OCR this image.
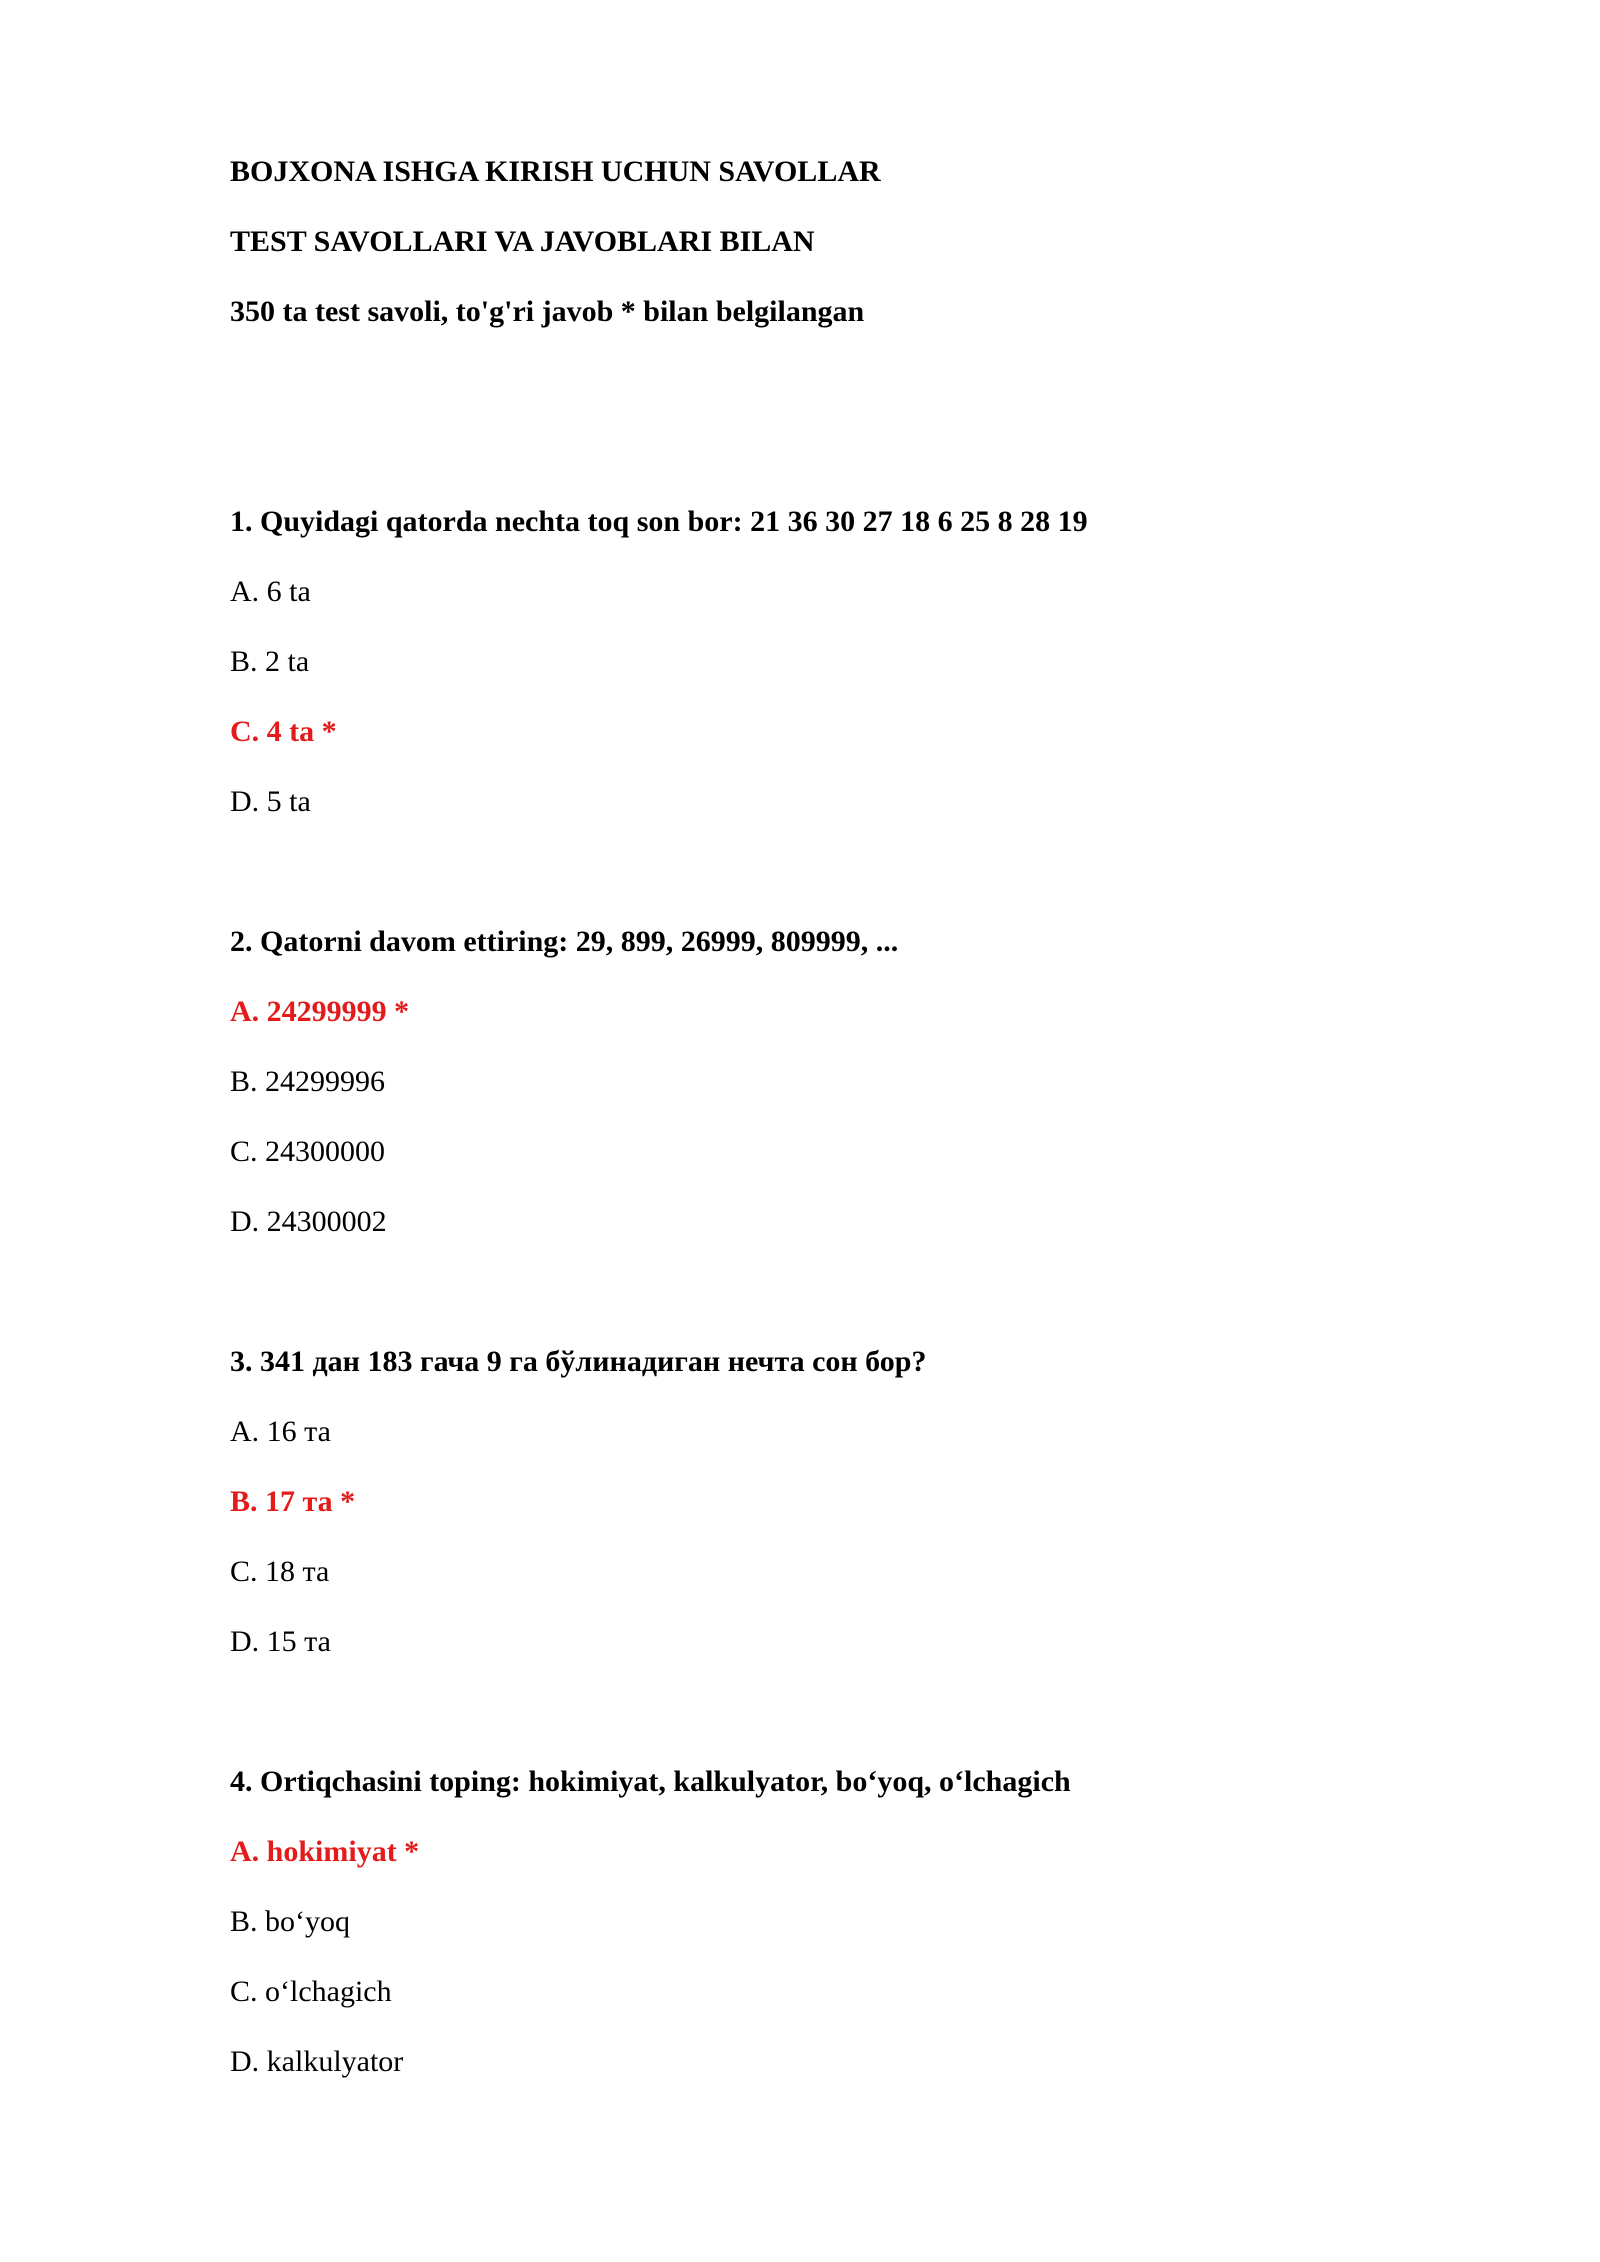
BOJXONA ISHGA KIRISH UCHUN SAVOLLAR
TEST SAVOLLARI VA JAVOBLARI BILAN
350 ta test savoli, to'g'ri javob * bilan belgilangan
1. Quyidagi qatorda nechta toq son bor: 21 36 30 27 18 6 25 8 28 19
A. 6 ta
B. 2 ta
C. 4 ta *
D. 5 ta
2. Qatorni davom ettiring: 29, 899, 26999, 809999, ...
A. 24299999 *
B. 24299996
C. 24300000
D. 24300002
3. 341 дан 183 гача 9 га бўлинадиган нечта сон бор?
A. 16 та
B. 17 та *
C. 18 та
D. 15 та
4. Ortiqchasini toping: hokimiyat, kalkulyator, bo‘yoq, o‘lchagich
A. hokimiyat *
B. bo‘yoq
C. o‘lchagich
D. kalkulyator
